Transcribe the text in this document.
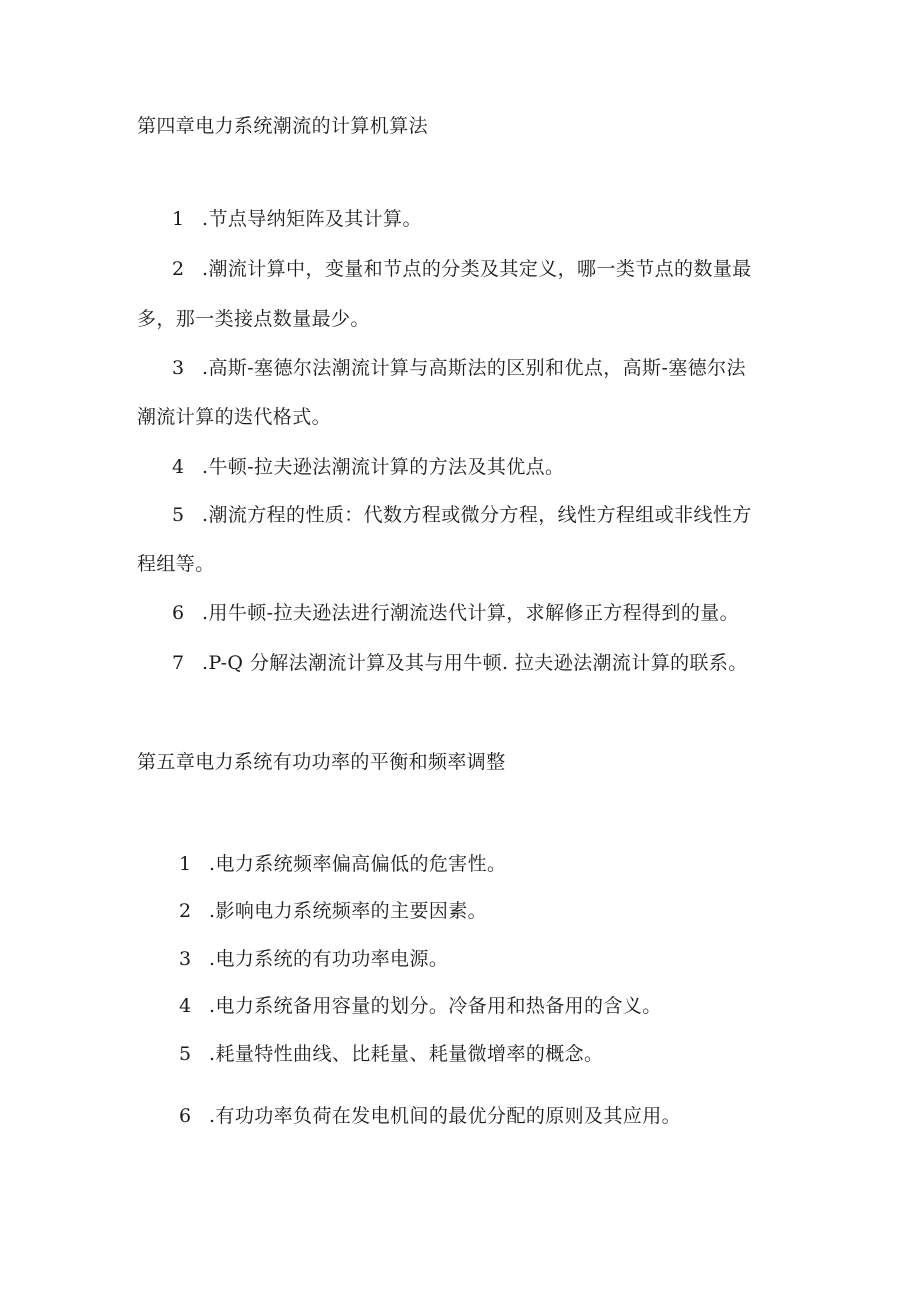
第四章电力系统潮流的计算机算法

1 .节点导纳矩阵及其计算。

2 .潮流计算中，变量和节点的分类及其定义，哪一类节点的数量最

多，那一类接点数量最少。

3 .高斯-塞德尔法潮流计算与高斯法的区别和优点，高斯-塞德尔法

潮流计算的迭代格式。

4 .牛顿-拉夫逊法潮流计算的方法及其优点。

5 .潮流方程的性质：代数方程或微分方程，线性方程组或非线性方

程组等。

6 .用牛顿-拉夫逊法进行潮流迭代计算，求解修正方程得到的量。

7 .P-Q 分解法潮流计算及其与用牛顿. 拉夫逊法潮流计算的联系。

第五章电力系统有功功率的平衡和频率调整

1 .电力系统频率偏高偏低的危害性。

2 .影响电力系统频率的主要因素。

3 .电力系统的有功功率电源。

4 .电力系统备用容量的划分。冷备用和热备用的含义。

5 .耗量特性曲线、比耗量、耗量微增率的概念。

6 .有功功率负荷在发电机间的最优分配的原则及其应用。
